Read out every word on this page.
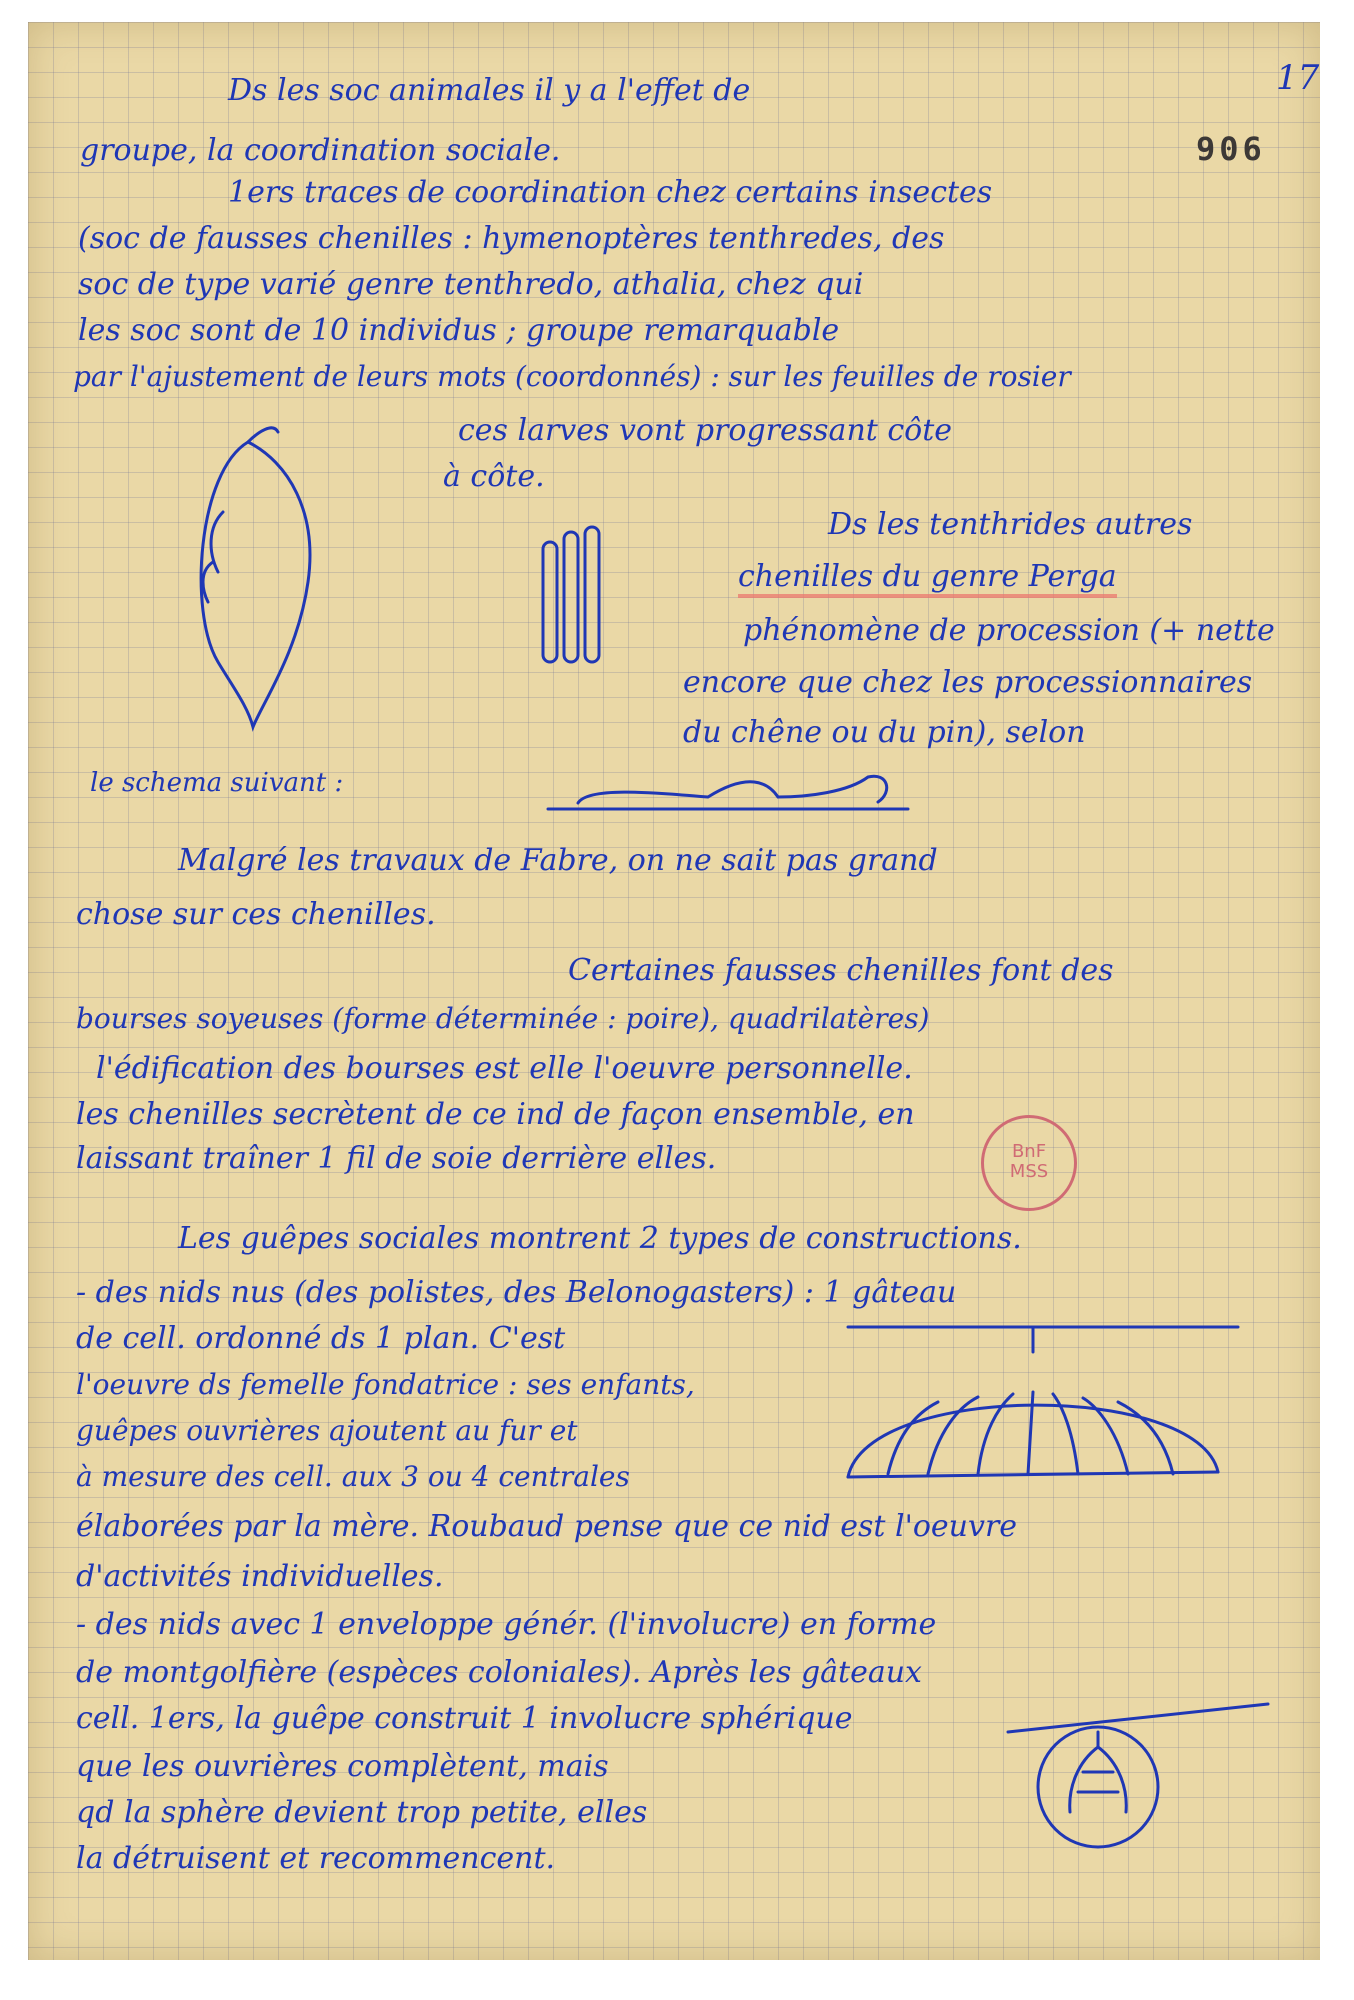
17
906
BnF
MSS
Ds les soc animales il y a l'effet de
groupe, la coordination sociale.
1ers traces de coordination chez certains insectes
(soc de fausses chenilles : hymenoptères tenthredes, des
soc de type varié genre tenthredo, athalia, chez qui
les soc sont de 10 individus ; groupe remarquable
par l'ajustement de leurs mots (coordonnés) : sur les feuilles de rosier
ces larves vont progressant côte
à côte.
Ds les tenthrides autres
chenilles du genre Perga
phénomène de procession (+ nette
encore que chez les processionnaires
du chêne ou du pin), selon
le schema suivant :
Malgré les travaux de Fabre, on ne sait pas grand
chose sur ces chenilles.
Certaines fausses chenilles font des
bourses soyeuses (forme déterminée : poire), quadrilatères)
l'édification des bourses est elle l'oeuvre personnelle.
les chenilles secrètent de ce ind de façon ensemble, en
laissant traîner 1 fil de soie derrière elles.
Les guêpes sociales montrent 2 types de constructions.
- des nids nus (des polistes, des Belonogasters) : 1 gâteau
de cell. ordonné ds 1 plan. C'est
l'oeuvre ds femelle fondatrice : ses enfants,
guêpes ouvrières ajoutent au fur et
à mesure des cell. aux 3 ou 4 centrales
élaborées par la mère. Roubaud pense que ce nid est l'oeuvre
d'activités individuelles.
- des nids avec 1 enveloppe génér. (l'involucre) en forme
de montgolfière (espèces coloniales). Après les gâteaux
cell. 1ers, la guêpe construit 1 involucre sphérique
que les ouvrières complètent, mais
qd la sphère devient trop petite, elles
la détruisent et recommencent.
